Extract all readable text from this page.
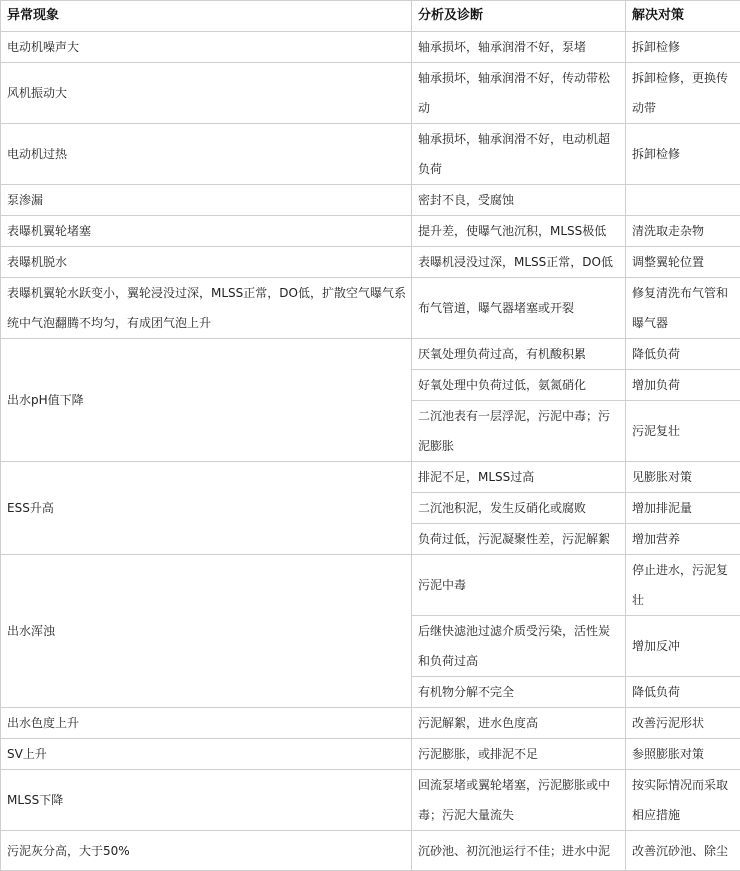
异常现象	分析及诊断	解决对策
电动机噪声大	轴承损坏，轴承润滑不好，泵堵	拆卸检修
风机振动大	轴承损坏，轴承润滑不好，传动带松动	拆卸检修，更换传动带
电动机过热	轴承损坏，轴承润滑不好，电动机超负荷	拆卸检修
泵渗漏	密封不良，受腐蚀	
表曝机翼轮堵塞	提升差，使曝气池沉积，MLSS极低	清洗取走杂物
表曝机脱水	表曝机浸没过深，MLSS正常，DO低	调整翼轮位置
表曝机翼轮水跃变小，翼轮浸没过深，MLSS正常，DO低，扩散空气曝气系统中气泡翻腾不均匀，有成团气泡上升	布气管道，曝气器堵塞或开裂	修复清洗布气管和曝气器
出水pH值下降	厌氧处理负荷过高，有机酸积累	降低负荷
	好氧处理中负荷过低，氨氮硝化	增加负荷
	二沉池表有一层浮泥，污泥中毒；污泥膨胀	污泥复壮
ESS升高	排泥不足，MLSS过高	见膨胀对策
	二沉池积泥，发生反硝化或腐败	增加排泥量
	负荷过低，污泥凝聚性差，污泥解絮	增加营养
出水浑浊	污泥中毒	停止进水，污泥复壮
	后继快滤池过滤介质受污染，活性炭和负荷过高	增加反冲
	有机物分解不完全	降低负荷
出水色度上升	污泥解絮，进水色度高	改善污泥形状
SV上升	污泥膨胀，或排泥不足	参照膨胀对策
MLSS下降	回流泵堵或翼轮堵塞，污泥膨胀或中毒；污泥大量流失	按实际情况而采取相应措施
污泥灰分高，大于50%	沉砂池、初沉池运行不佳；进水中泥	改善沉砂池、除尘
